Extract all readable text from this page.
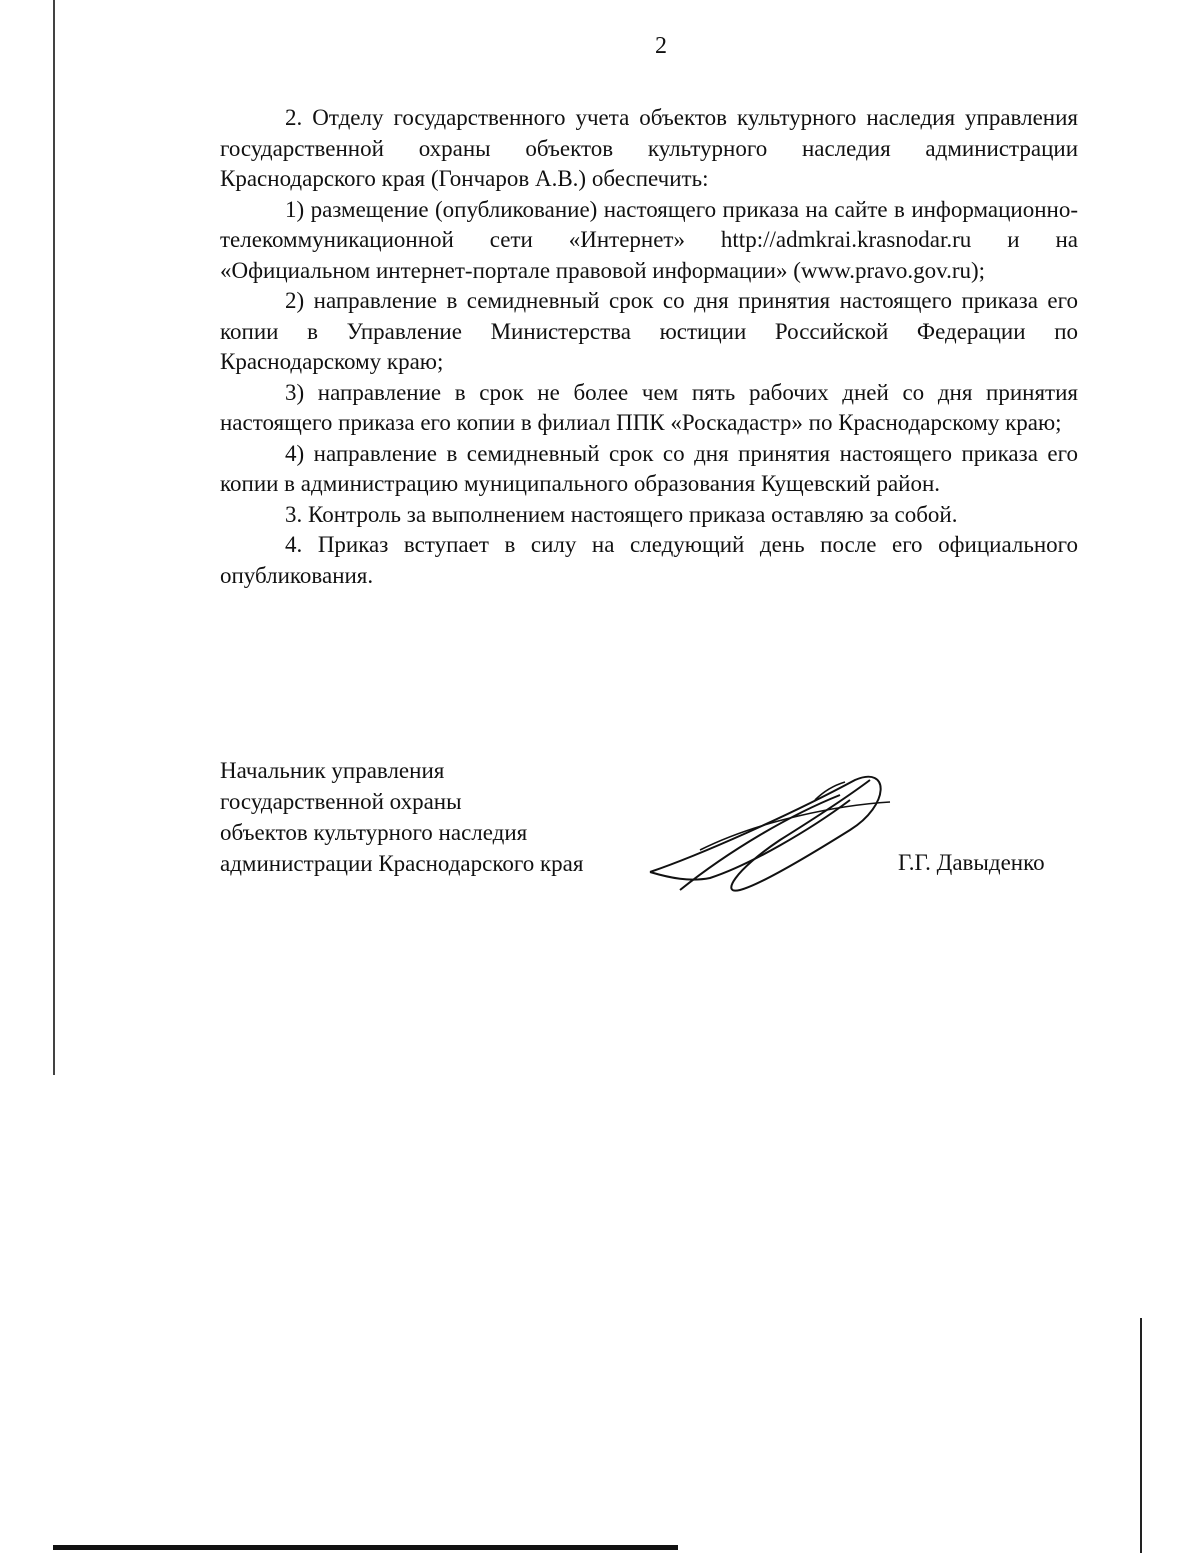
2

2. Отделу государственного учета объектов культурного наследия управления государственной охраны объектов культурного наследия администрации Краснодарского края (Гончаров А.В.) обеспечить:

1) размещение (опубликование) настоящего приказа на сайте в информационно-телекоммуникационной сети «Интернет» http://admkrai.krasnodar.ru и на «Официальном интернет-портале правовой информации» (www.pravo.gov.ru);

2) направление в семидневный срок со дня принятия настоящего приказа его копии в Управление Министерства юстиции Российской Федерации по Краснодарскому краю;

3) направление в срок не более чем пять рабочих дней со дня принятия настоящего приказа его копии в филиал ППК «Роскадастр» по Краснодарскому краю;

4) направление в семидневный срок со дня принятия настоящего приказа его копии в администрацию муниципального образования Кущевский район.

3. Контроль за выполнением настоящего приказа оставляю за собой.

4. Приказ вступает в силу на следующий день после его официального опубликования.

Начальник управления
государственной охраны
объектов культурного наследия
администрации Краснодарского края	Г.Г. Давыденко
